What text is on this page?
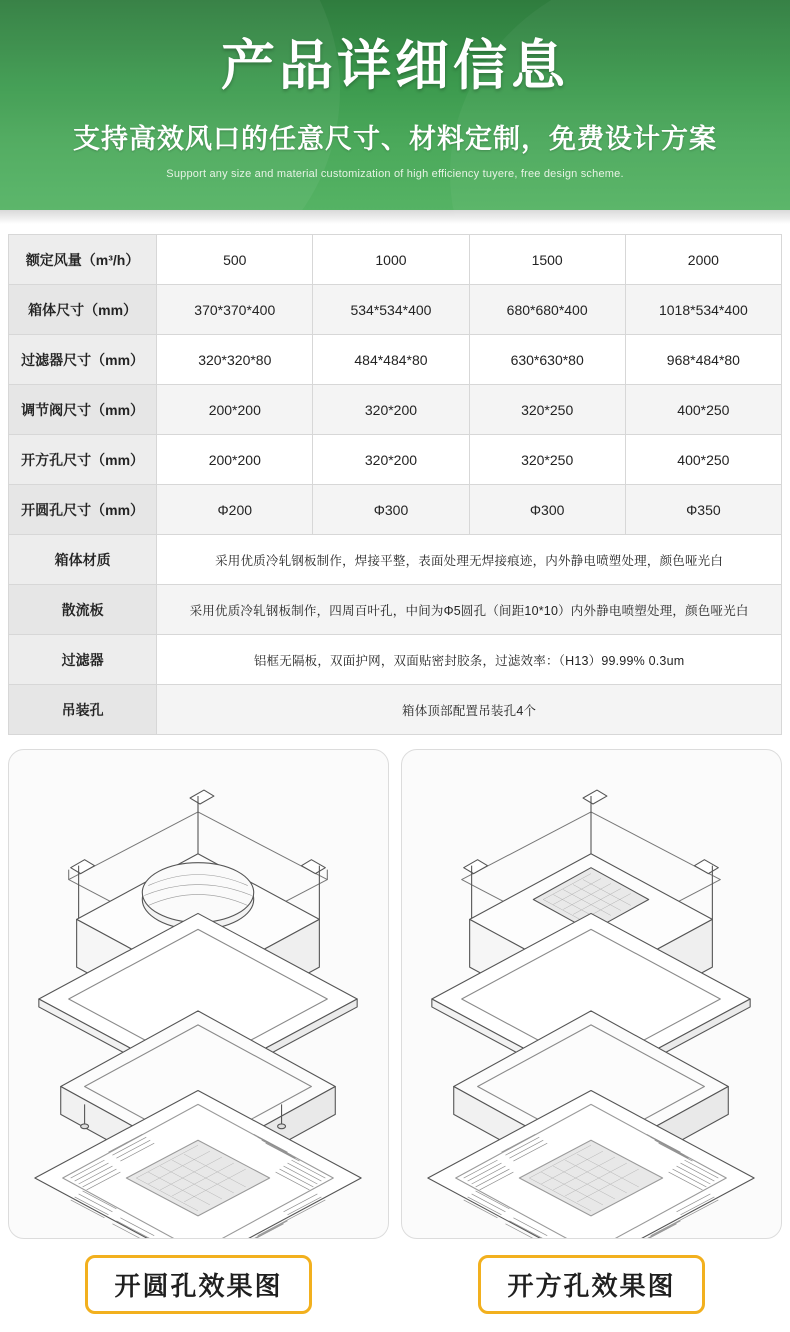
产品详细信息
支持高效风口的任意尺寸、材料定制，免费设计方案
Support any size and material customization of high efficiency tuyere, free design scheme.
额定风量（m³/h）	500	1000	1500	2000
箱体尺寸（mm）	370*370*400	534*534*400	680*680*400	1018*534*400
过滤器尺寸（mm）	320*320*80	484*484*80	630*630*80	968*484*80
调节阀尺寸（mm）	200*200	320*200	320*250	400*250
开方孔尺寸（mm）	200*200	320*200	320*250	400*250
开圆孔尺寸（mm）	Φ200	Φ300	Φ300	Φ350
箱体材质	采用优质冷轧钢板制作，焊接平整，表面处理无焊接痕迹，内外静电喷塑处理，颜色哑光白			
散流板	采用优质冷轧钢板制作，四周百叶孔，中间为Φ5圆孔（间距10*10）内外静电喷塑处理，颜色哑光白			
过滤器	铝框无隔板，双面护网，双面贴密封胶条，过滤效率：（H13）99.99% 0.3um			
吊装孔	箱体顶部配置吊装孔4个			
开圆孔效果图	开方孔效果图
